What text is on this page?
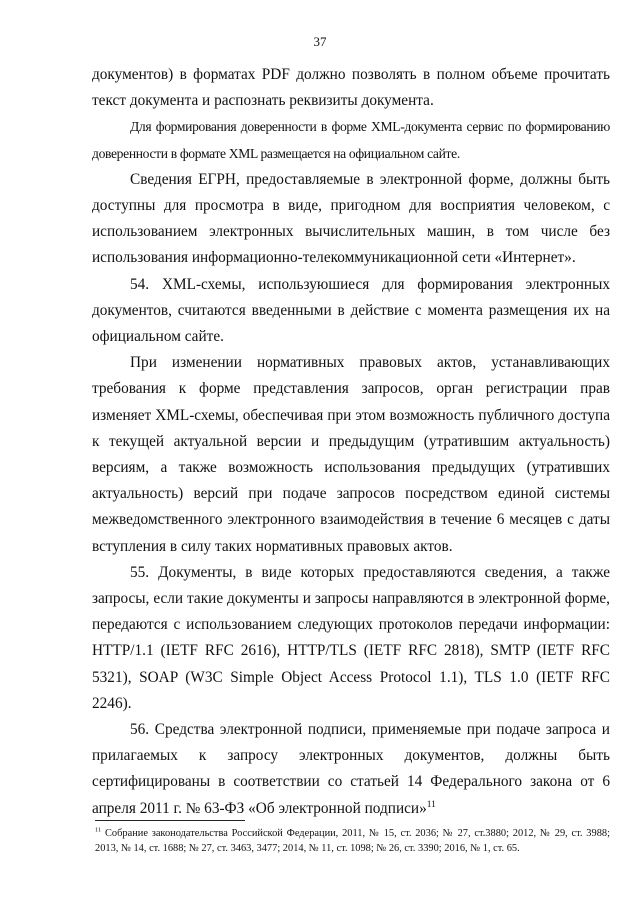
37

документов) в форматах PDF должно позволять в полном объеме прочитать текст документа и распознать реквизиты документа.

Для формирования доверенности в форме XML-документа сервис по формированию доверенности в формате XML размещается на официальном сайте.

Сведения ЕГРН, предоставляемые в электронной форме, должны быть доступны для просмотра в виде, пригодном для восприятия человеком, с использованием электронных вычислительных машин, в том числе без использования информационно-телекоммуникационной сети «Интернет».

54. XML-схемы, используюшиеся для формирования электронных документов, считаются введенными в действие с момента размещения их на официальном сайте.

При изменении нормативных правовых актов, устанавливающих требования к форме представления запросов, орган регистрации прав изменяет XML-схемы, обеспечивая при этом возможность публичного доступа к текущей актуальной версии и предыдущим (утратившим актуальность) версиям, а также возможность использования предыдущих (утративших актуальность) версий при подаче запросов посредством единой системы межведомственного электронного взаимодействия в течение 6 месяцев с даты вступления в силу таких нормативных правовых актов.

55. Документы, в виде которых предоставляются сведения, а также запросы, если такие документы и запросы направляются в электронной форме, передаются с использованием следующих протоколов передачи информации: HTTP/1.1 (IETF RFC 2616), HTTP/TLS (IETF RFC 2818), SMTP (IETF RFC 5321), SOAP (W3C Simple Object Access Protocol 1.1), TLS 1.0 (IETF RFC 2246).

56. Средства электронной подписи, применяемые при подаче запроса и прилагаемых к запросу электронных документов, должны быть сертифицированы в соответствии со статьей 14 Федерального закона от 6 апреля 2011 г. № 63-ФЗ «Об электронной подписи»$^{11}$

$^{11}$ Собрание законодательства Российской Федерации, 2011, № 15, ст. 2036; № 27, ст.3880; 2012, № 29, ст. 3988; 2013, № 14, ст. 1688; № 27, ст. 3463, 3477; 2014, № 11, ст. 1098; № 26, ст. 3390; 2016, № 1, ст. 65.
